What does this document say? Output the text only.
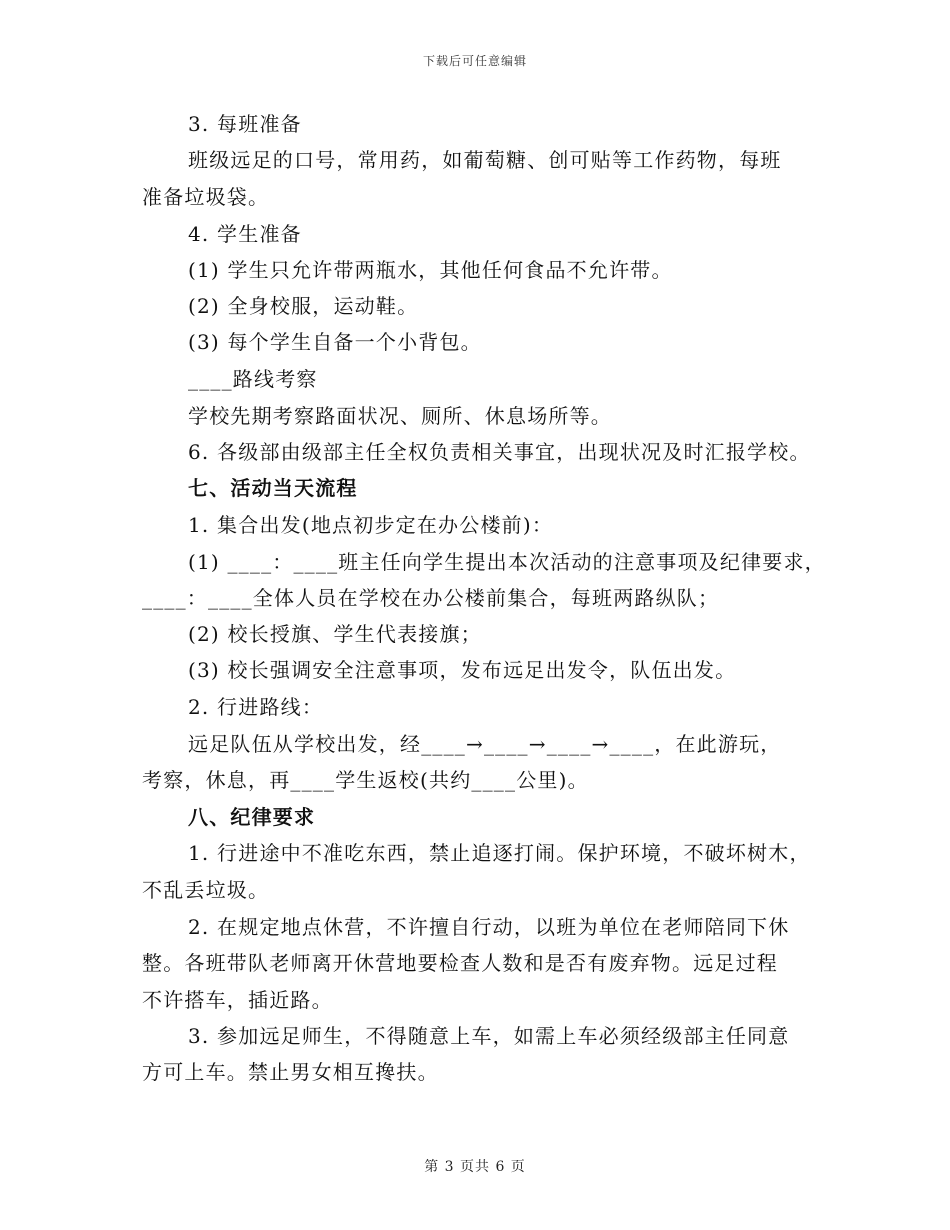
下载后可任意编辑
3. 每班准备
班级远足的口号，常用药，如葡萄糖、创可贴等工作药物，每班
准备垃圾袋。
4. 学生准备
(1) 学生只允许带两瓶水，其他任何食品不允许带。
(2) 全身校服，运动鞋。
(3) 每个学生自备一个小背包。
____路线考察
学校先期考察路面状况、厕所、休息场所等。
6. 各级部由级部主任全权负责相关事宜，出现状况及时汇报学校。
七、活动当天流程
1. 集合出发(地点初步定在办公楼前)：
(1) ____：____班主任向学生提出本次活动的注意事项及纪律要求，
____：____全体人员在学校在办公楼前集合，每班两路纵队；
(2) 校长授旗、学生代表接旗；
(3) 校长强调安全注意事项，发布远足出发令，队伍出发。
2. 行进路线：
远足队伍从学校出发，经____→____→____→____，在此游玩，
考察，休息，再____学生返校(共约____公里)。
八、纪律要求
1. 行进途中不准吃东西，禁止追逐打闹。保护环境，不破坏树木，
不乱丢垃圾。
2. 在规定地点休营，不许擅自行动，以班为单位在老师陪同下休
整。各班带队老师离开休营地要检查人数和是否有废弃物。远足过程
不许搭车，插近路。
3. 参加远足师生，不得随意上车，如需上车必须经级部主任同意
方可上车。禁止男女相互搀扶。
第 3 页共 6 页
